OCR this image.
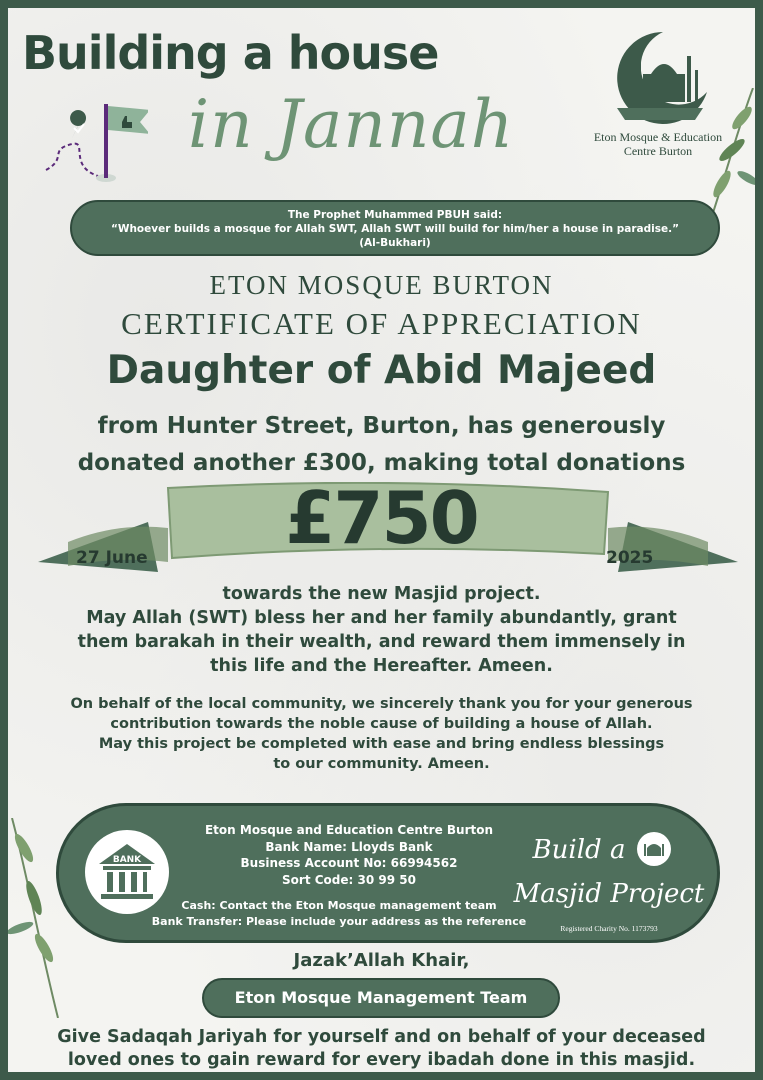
Building a house
in Jannah	Eton Mosque & Education
Centre Burton
The Prophet Muhammed PBUH said:
“Whoever builds a mosque for Allah SWT, Allah SWT will build for him/her a house in paradise.”
(Al-Bukhari)
ETON MOSQUE BURTON
CERTIFICATE OF APPRECIATION
Daughter of Abid Majeed
from Hunter Street, Burton, has generously
donated another £300, making total donations
£750
27 June	2025
towards the new Masjid project.
May Allah (SWT) bless her and her family abundantly, grant
them barakah in their wealth, and reward them immensely in
this life and the Hereafter. Ameen.
On behalf of the local community, we sincerely thank you for your generous
contribution towards the noble cause of building a house of Allah.
May this project be completed with ease and bring endless blessings
to our community. Ameen.
BANK
Eton Mosque and Education Centre Burton
Bank Name: Lloyds Bank
Business Account No: 66994562
Sort Code: 30 99 50
Cash: Contact the Eton Mosque management team
Bank Transfer: Please include your address as the reference
Build a
Masjid Project
Registered Charity No. 1173793
Jazak’Allah Khair,
Eton Mosque Management Team
Give Sadaqah Jariyah for yourself and on behalf of your deceased
loved ones to gain reward for every ibadah done in this masjid.
